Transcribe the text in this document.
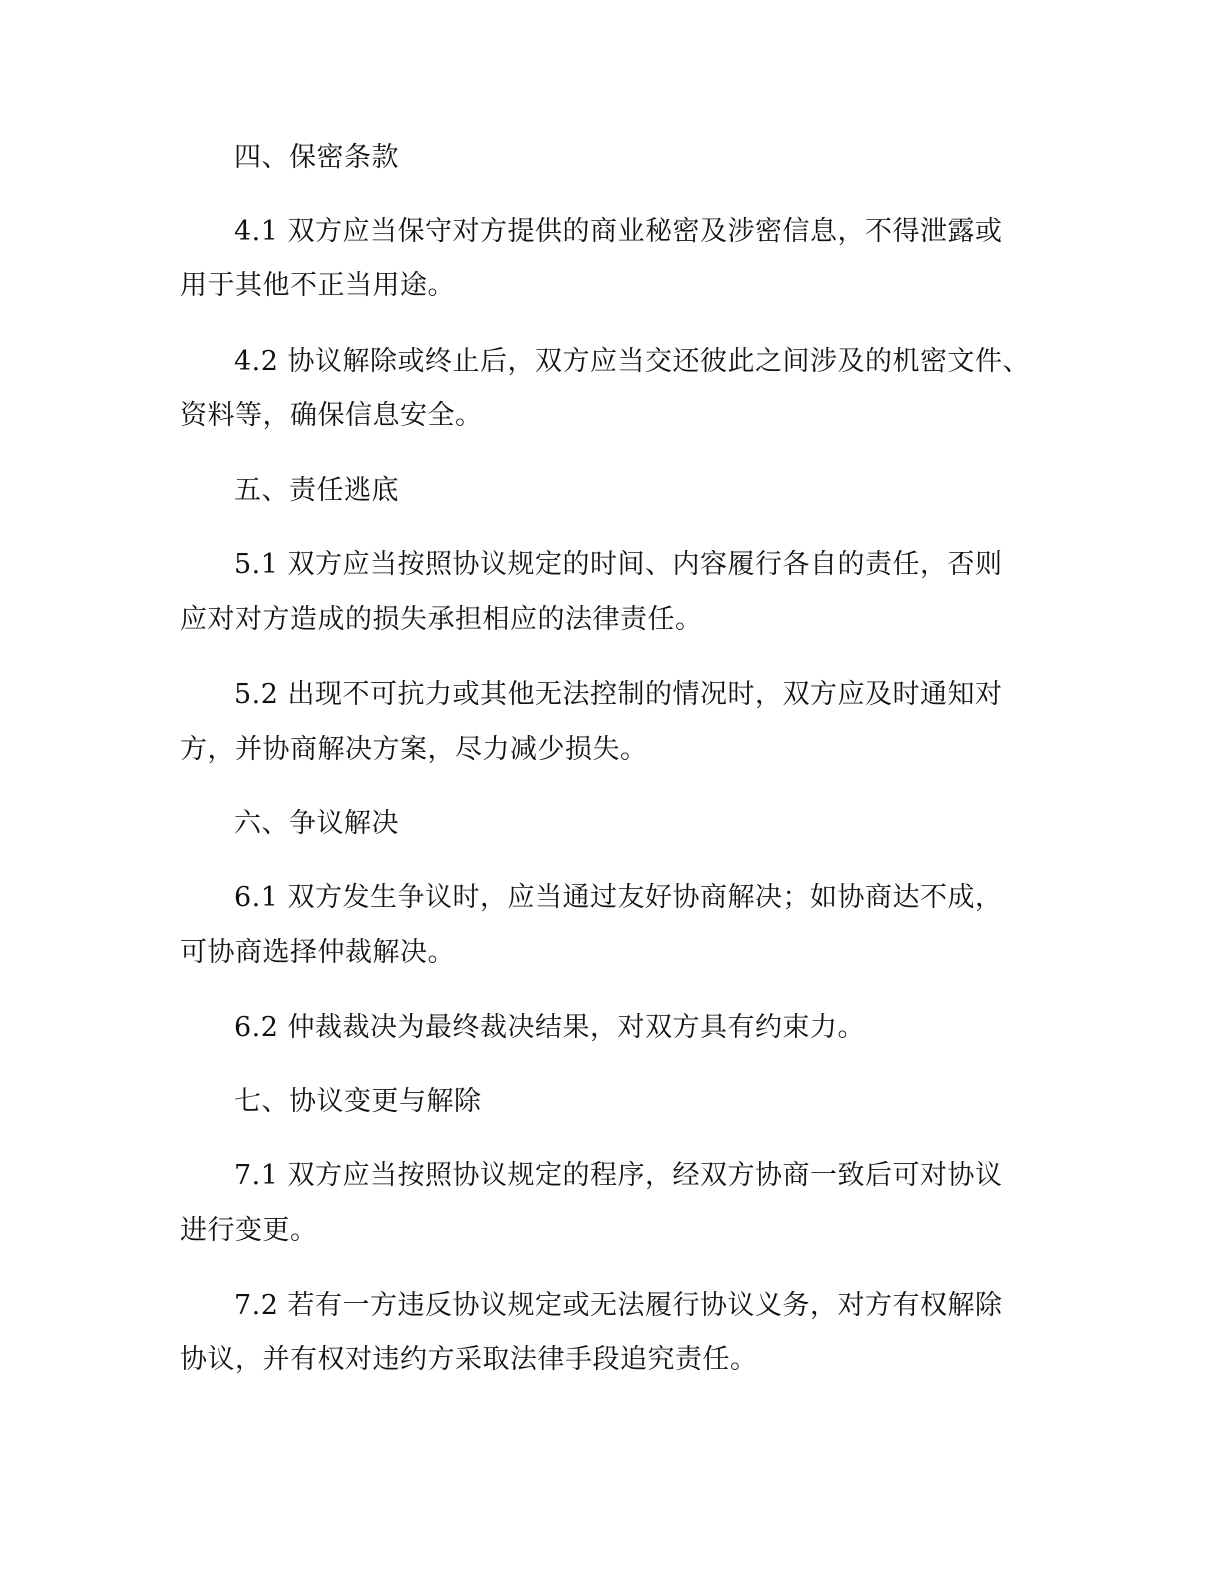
四、保密条款
4.1 双方应当保守对方提供的商业秘密及涉密信息，不得泄露或
用于其他不正当用途。
4.2 协议解除或终止后，双方应当交还彼此之间涉及的机密文件、
资料等，确保信息安全。
五、责任逃底
5.1 双方应当按照协议规定的时间、内容履行各自的责任，否则
应对对方造成的损失承担相应的法律责任。
5.2 出现不可抗力或其他无法控制的情况时，双方应及时通知对
方，并协商解决方案，尽力减少损失。
六、争议解决
6.1 双方发生争议时，应当通过友好协商解决；如协商达不成，
可协商选择仲裁解决。
6.2 仲裁裁决为最终裁决结果，对双方具有约束力。
七、协议变更与解除
7.1 双方应当按照协议规定的程序，经双方协商一致后可对协议
进行变更。
7.2 若有一方违反协议规定或无法履行协议义务，对方有权解除
协议，并有权对违约方采取法律手段追究责任。
